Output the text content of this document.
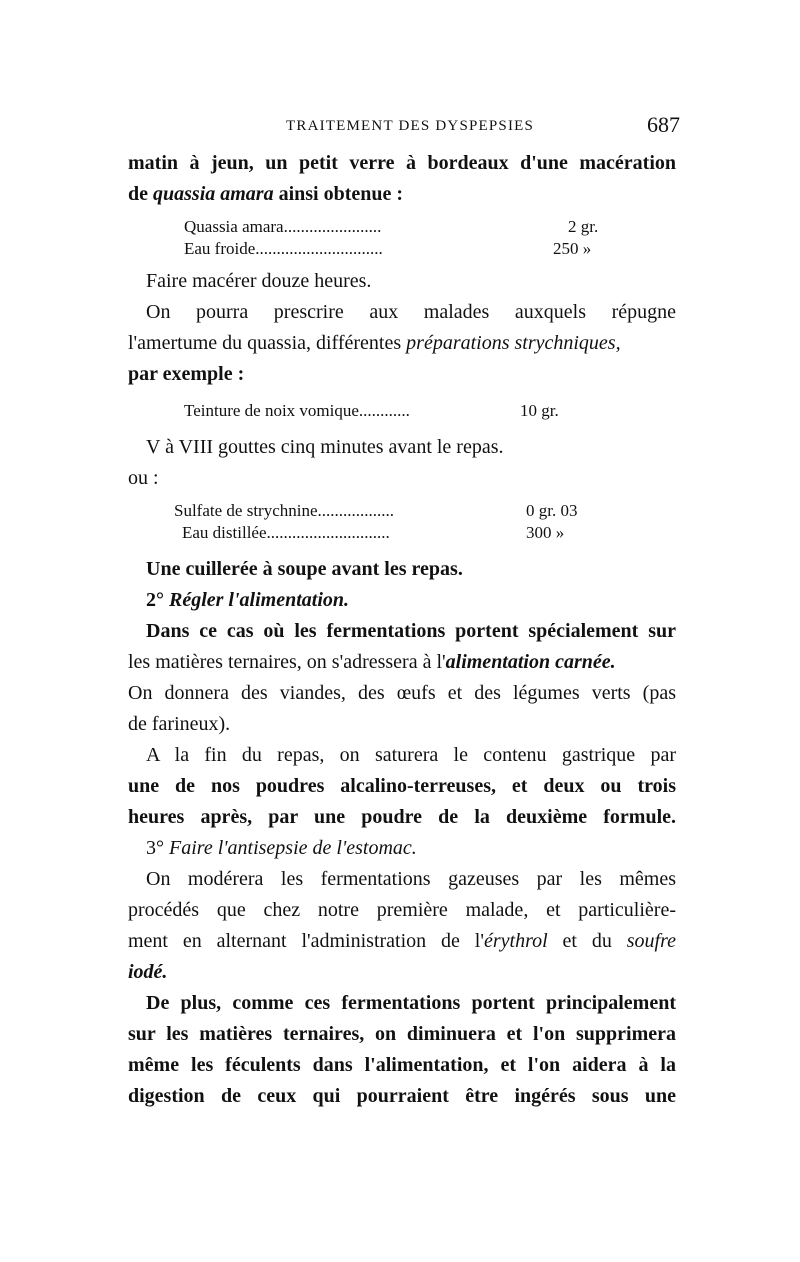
TRAITEMENT DES DYSPEPSIES	687
matin à jeun, un petit verre à bordeaux d'une macération
de quassia amara ainsi obtenue :
Quassia amara.......................	2 gr.
Eau froide..............................	250 »
Faire macérer douze heures.
On pourra prescrire aux malades auxquels répugne
l'amertume du quassia, différentes préparations strychniques,
par exemple :
Teinture de noix vomique............	10 gr.
V à VIII gouttes cinq minutes avant le repas.
ou :
Sulfate de strychnine..................	0 gr. 03
Eau distillée.............................	300 »
Une cuillerée à soupe avant les repas.
2° Régler l'alimentation.
Dans ce cas où les fermentations portent spécialement sur
les matières ternaires, on s'adressera à l'alimentation carnée.
On donnera des viandes, des œufs et des légumes verts (pas
de farineux).
A la fin du repas, on saturera le contenu gastrique par
une de nos poudres alcalino-terreuses, et deux ou trois
heures après, par une poudre de la deuxième formule.
3° Faire l'antisepsie de l'estomac.
On modérera les fermentations gazeuses par les mêmes
procédés que chez notre première malade, et particulière-
ment en alternant l'administration de l'érythrol et du soufre
iodé.
De plus, comme ces fermentations portent principalement
sur les matières ternaires, on diminuera et l'on supprimera
même les féculents dans l'alimentation, et l'on aidera à la
digestion de ceux qui pourraient être ingérés sous une
